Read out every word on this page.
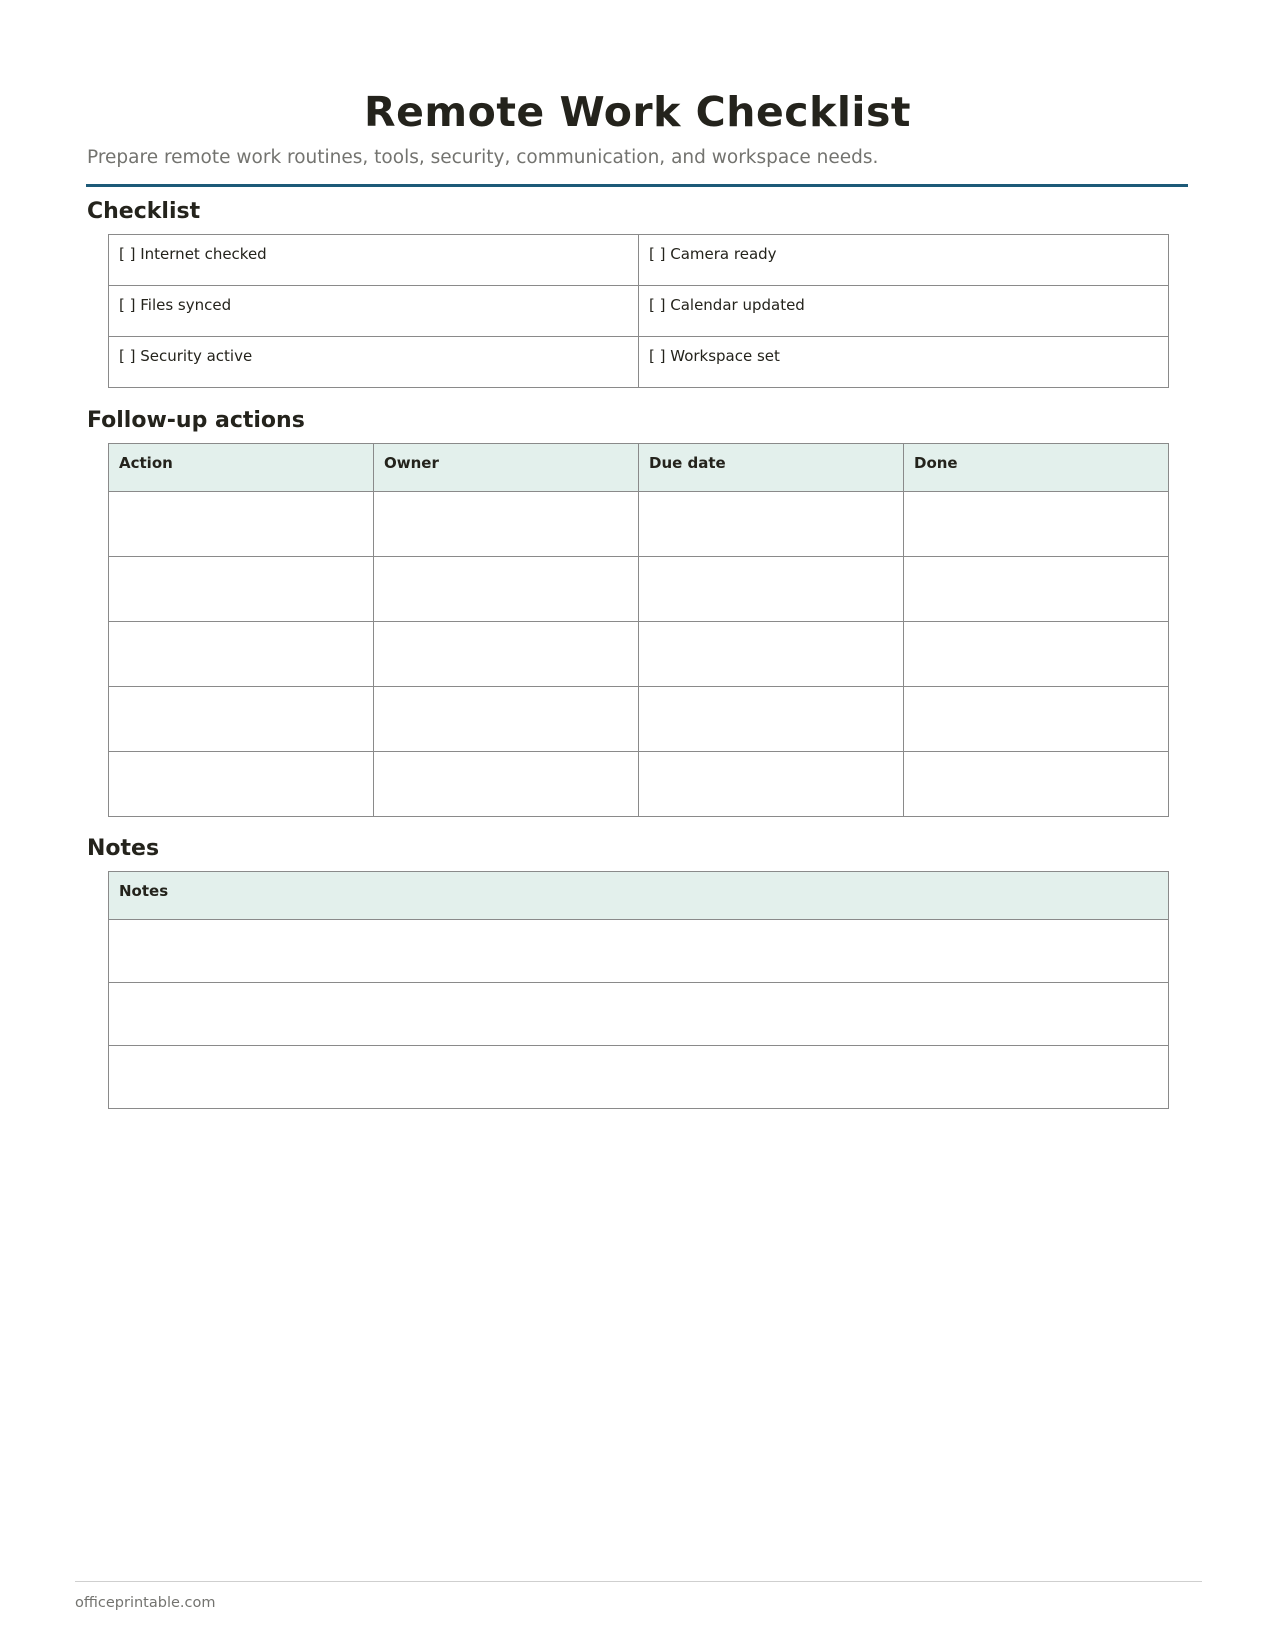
Remote Work Checklist
Prepare remote work routines, tools, security, communication, and workspace needs.
Checklist
[ ] Internet checked	[ ] Camera ready
[ ] Files synced	[ ] Calendar updated
[ ] Security active	[ ] Workspace set
Follow-up actions
Action	Owner	Due date	Done

Notes
Notes

officeprintable.com
